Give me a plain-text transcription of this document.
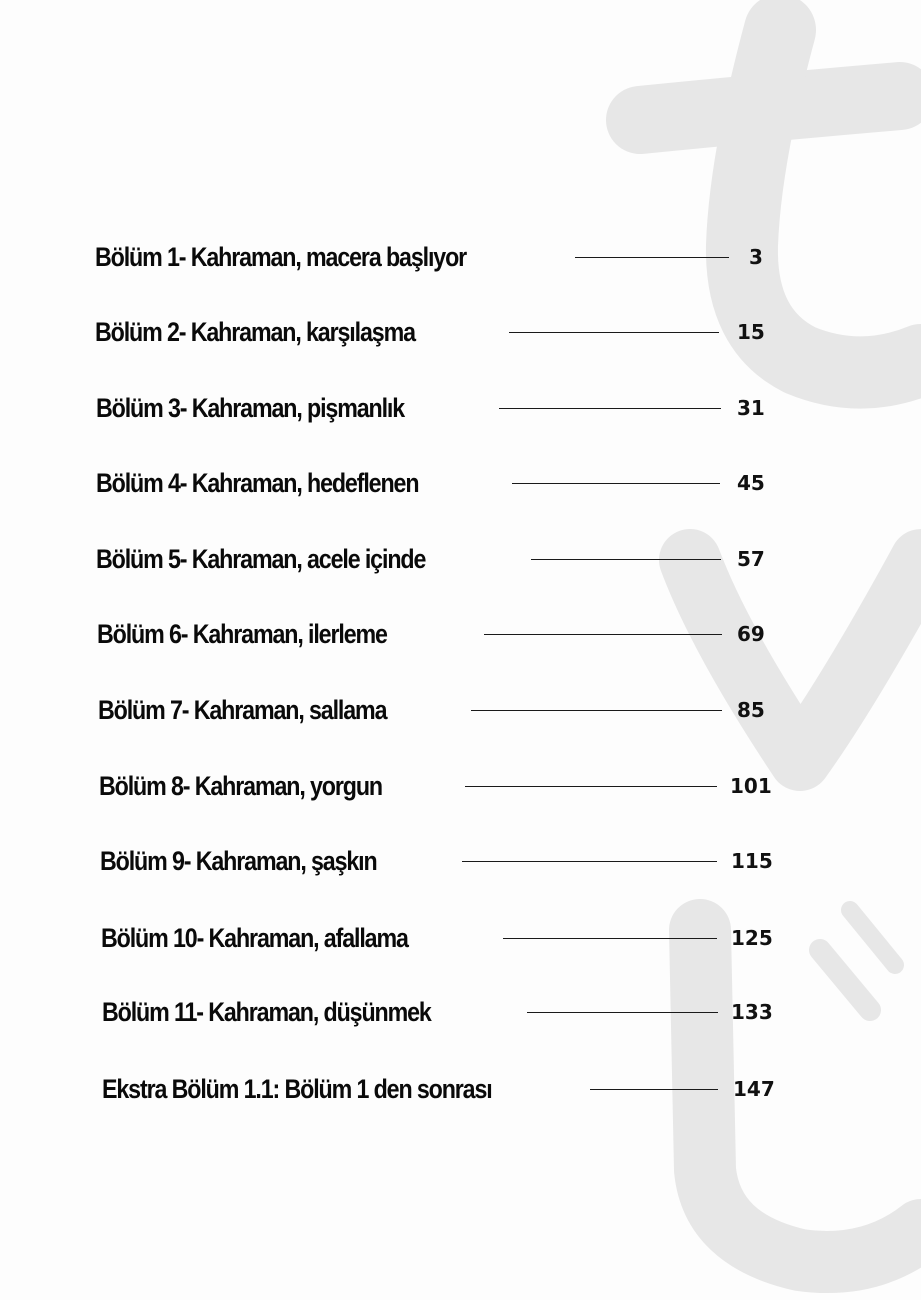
Bölüm 1- Kahraman, macera başlıyor	3
Bölüm 2- Kahraman, karşılaşma	15
Bölüm 3- Kahraman, pişmanlık	31
Bölüm 4- Kahraman, hedeflenen	45
Bölüm 5- Kahraman, acele içinde	57
Bölüm 6- Kahraman, ilerleme	69
Bölüm 7- Kahraman, sallama	85
Bölüm 8- Kahraman, yorgun	101
Bölüm 9- Kahraman, şaşkın	115
Bölüm 10- Kahraman, afallama	125
Bölüm 11- Kahraman, düşünmek	133
Ekstra Bölüm 1.1: Bölüm 1 den sonrası	147
